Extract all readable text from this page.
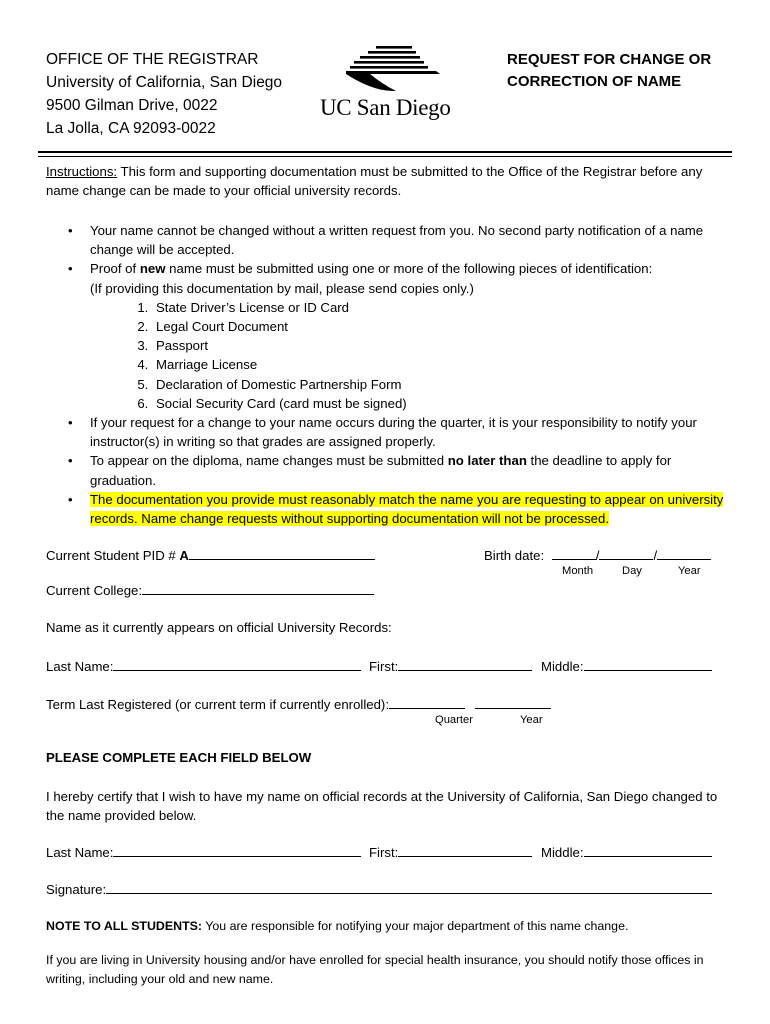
OFFICE OF THE REGISTRAR
University of California, San Diego
9500 Gilman Drive, 0022
La Jolla, CA 92093-0022
UC San Diego
REQUEST FOR CHANGE OR
CORRECTION OF NAME
Instructions: This form and supporting documentation must be submitted to the Office of the Registrar before any name change can be made to your official university records.
• Your name cannot be changed without a written request from you. No second party notification of a name change will be accepted.
• Proof of new name must be submitted using one or more of the following pieces of identification:
(If providing this documentation by mail, please send copies only.)
1. State Driver’s License or ID Card
2. Legal Court Document
3. Passport
4. Marriage License
5. Declaration of Domestic Partnership Form
6. Social Security Card (card must be signed)
• If your request for a change to your name occurs during the quarter, it is your responsibility to notify your instructor(s) in writing so that grades are assigned properly.
• To appear on the diploma, name changes must be submitted no later than the deadline to apply for graduation.
• The documentation you provide must reasonably match the name you are requesting to appear on university records. Name change requests without supporting documentation will not be processed.
Current Student PID # A	Birth date:	/	/
Month	Day	Year
Current College:
Name as it currently appears on official University Records:
Last Name:	First:	Middle:
Term Last Registered (or current term if currently enrolled):
Quarter	Year
PLEASE COMPLETE EACH FIELD BELOW
I hereby certify that I wish to have my name on official records at the University of California, San Diego changed to the name provided below.
Last Name:	First:	Middle:
Signature:
NOTE TO ALL STUDENTS: You are responsible for notifying your major department of this name change.
If you are living in University housing and/or have enrolled for special health insurance, you should notify those offices in writing, including your old and new name.
